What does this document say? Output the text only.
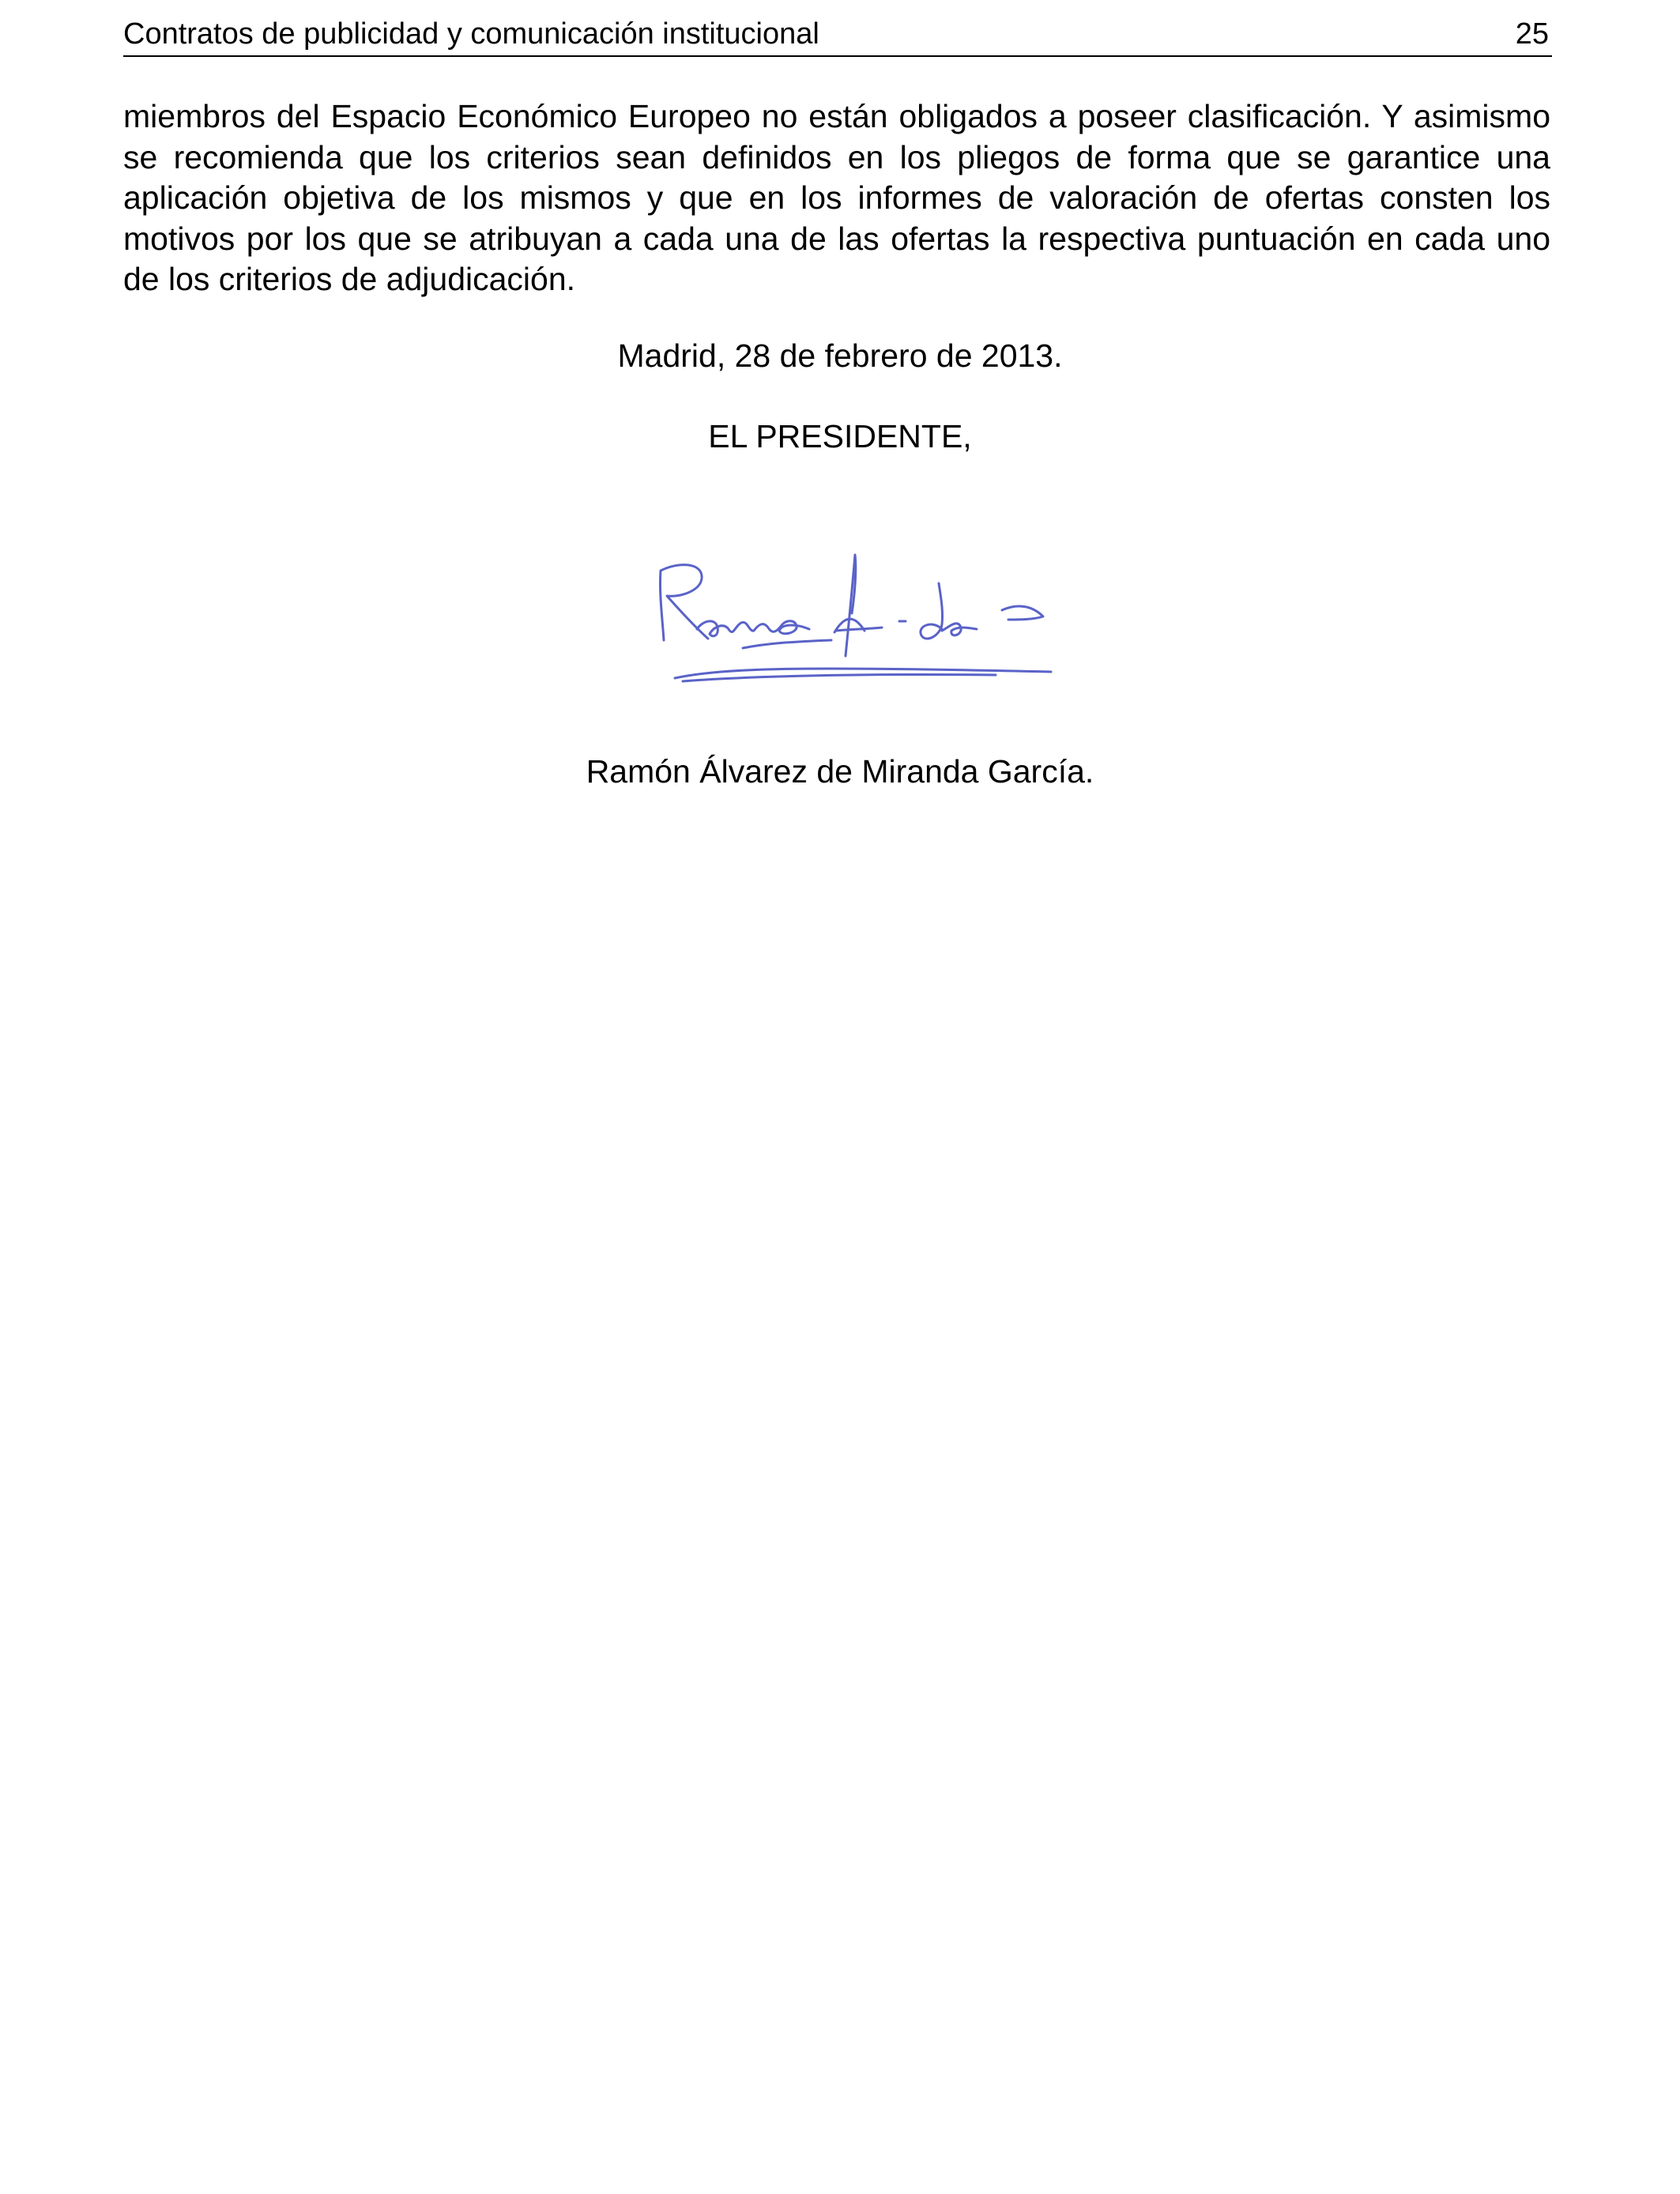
Contratos de publicidad y comunicación institucional	25

miembros del Espacio Económico Europeo no están obligados a poseer clasificación. Y asimismo se recomienda que los criterios sean definidos en los pliegos de forma que se garantice una aplicación objetiva de los mismos y que en los informes de valoración de ofertas consten los motivos por los que se atribuyan a cada una de las ofertas la respectiva puntuación en cada uno de los criterios de adjudicación.

Madrid, 28 de febrero de 2013.

EL PRESIDENTE,

Ramón Álvarez de Miranda García.
